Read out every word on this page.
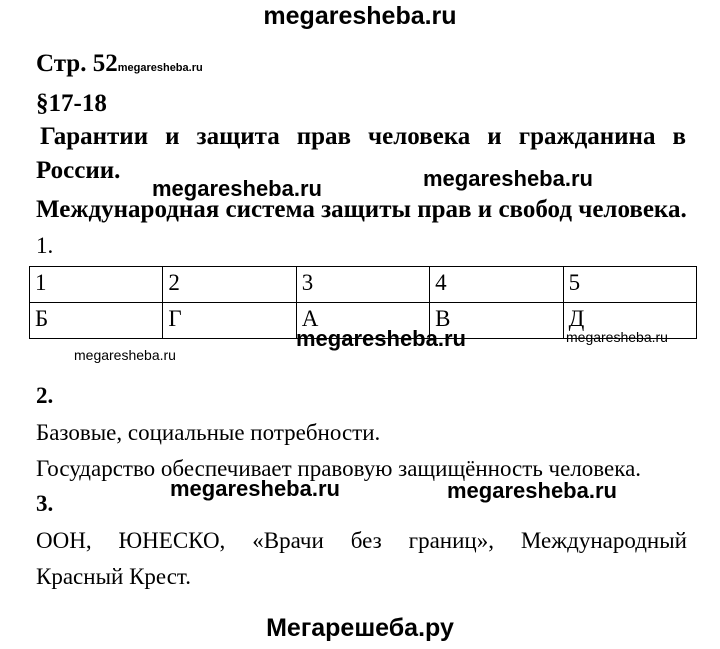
megaresheba.ru
Стр. 52megaresheba.ru
§17-18
Гарантии и защита прав человека и гражданина в
России.
Международная система защиты прав и свобод человека.
megaresheba.ru	megaresheba.ru
1.
1	2	3	4	5
Б	Г	А	В	Д
megaresheba.ru	megaresheba.ru
megaresheba.ru
2.
Базовые, социальные потребности.
Государство обеспечивает правовую защищённость человека.
megaresheba.ru	megaresheba.ru
3.
ООН, ЮНЕСКО, «Врачи без границ», Международный
Красный Крест.
Мегарешеба.ру
